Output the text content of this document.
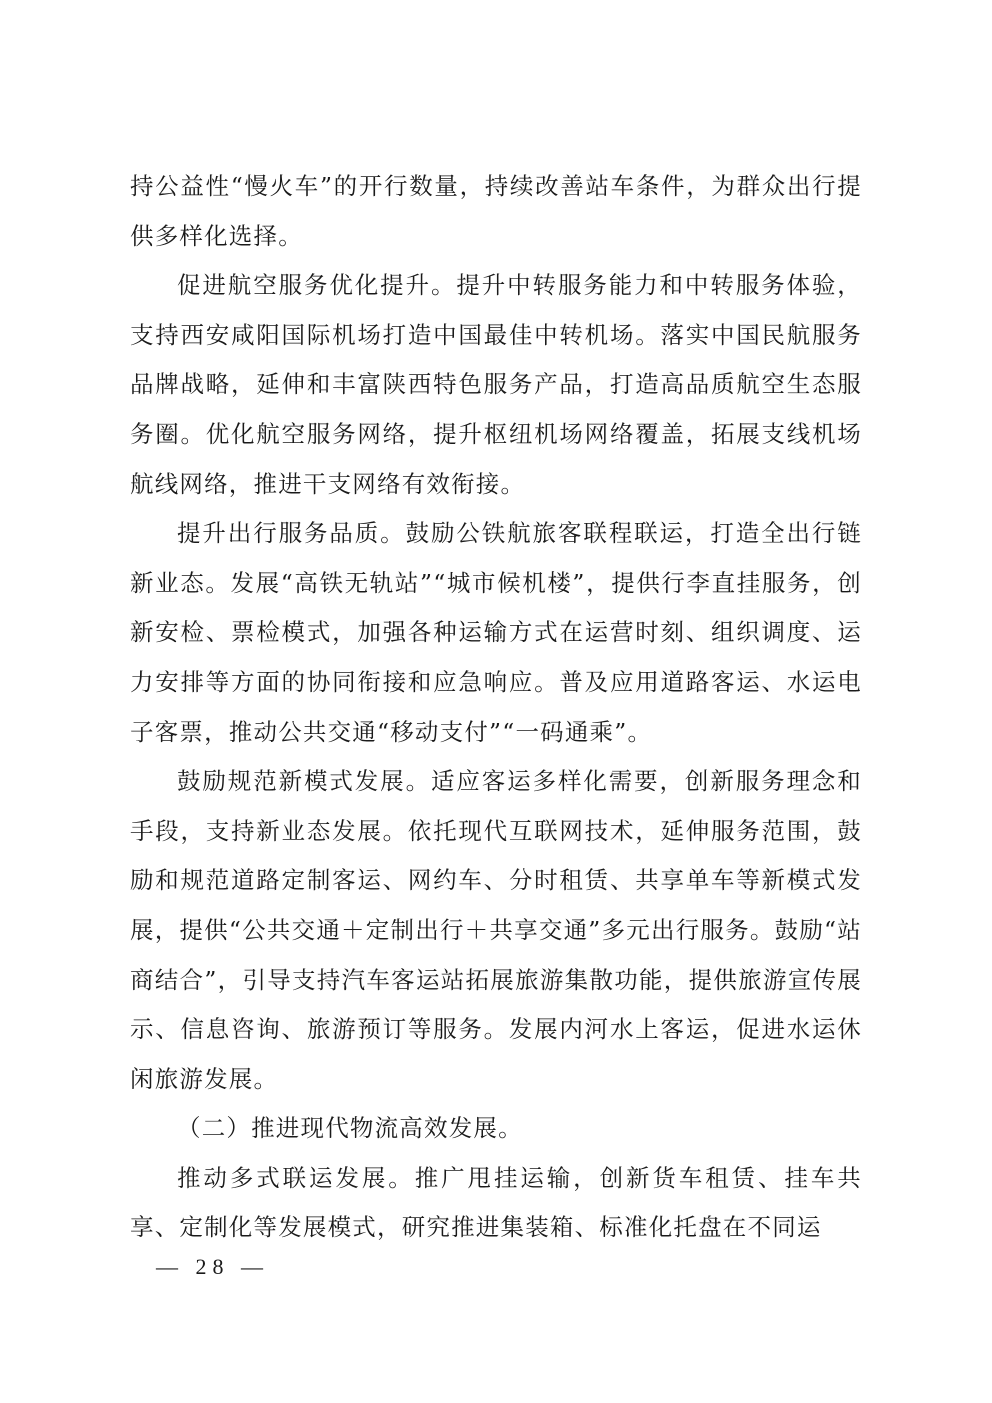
持公益性“慢火车”的开行数量，持续改善站车条件，为群众出行提供多样化选择。

促进航空服务优化提升。提升中转服务能力和中转服务体验，支持西安咸阳国际机场打造中国最佳中转机场。落实中国民航服务品牌战略，延伸和丰富陕西特色服务产品，打造高品质航空生态服务圈。优化航空服务网络，提升枢纽机场网络覆盖，拓展支线机场航线网络，推进干支网络有效衔接。

提升出行服务品质。鼓励公铁航旅客联程联运，打造全出行链新业态。发展“高铁无轨站”“城市候机楼”，提供行李直挂服务，创新安检、票检模式，加强各种运输方式在运营时刻、组织调度、运力安排等方面的协同衔接和应急响应。普及应用道路客运、水运电子客票，推动公共交通“移动支付”“一码通乘”。

鼓励规范新模式发展。适应客运多样化需要，创新服务理念和手段，支持新业态发展。依托现代互联网技术，延伸服务范围，鼓励和规范道路定制客运、网约车、分时租赁、共享单车等新模式发展，提供“公共交通＋定制出行＋共享交通”多元出行服务。鼓励“站商结合”，引导支持汽车客运站拓展旅游集散功能，提供旅游宣传展示、信息咨询、旅游预订等服务。发展内河水上客运，促进水运休闲旅游发展。

（二）推进现代物流高效发展。

推动多式联运发展。推广甩挂运输，创新货车租赁、挂车共享、定制化等发展模式，研究推进集装箱、标准化托盘在不同运

— 28 —
